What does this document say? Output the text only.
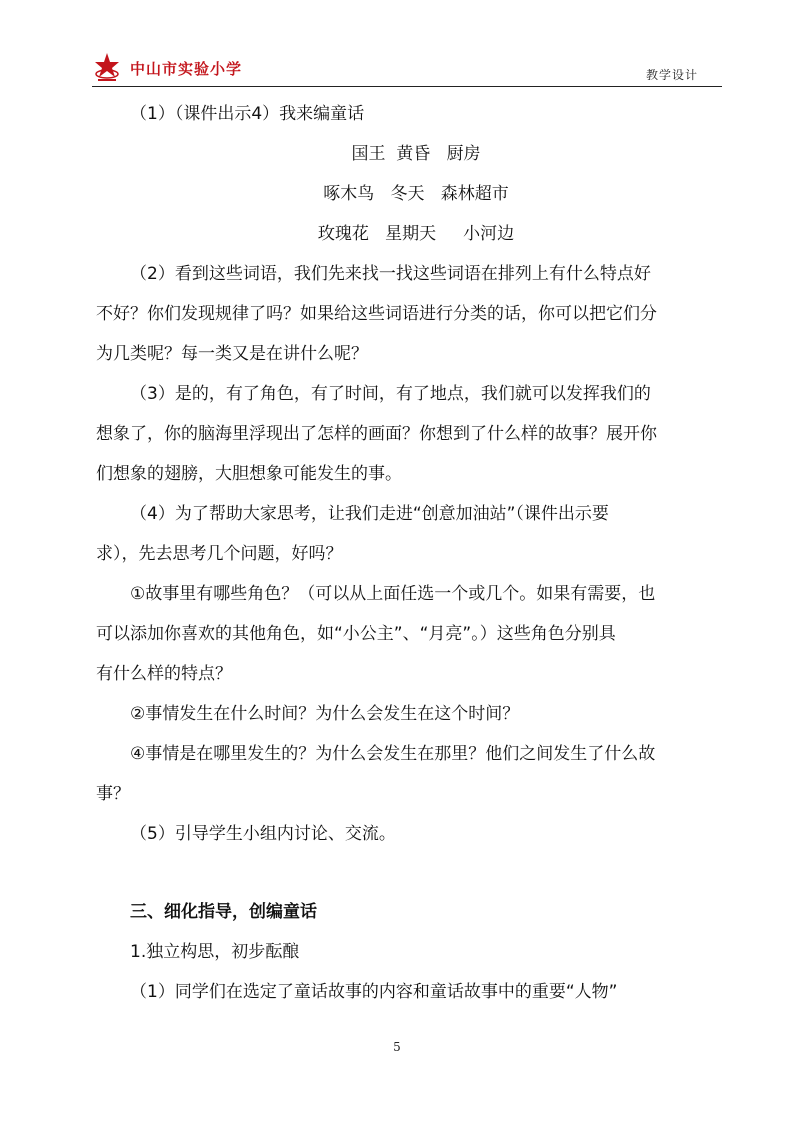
中山市实验小学	教学设计

（1）（课件出示4）我来编童话

国王  黄昏   厨房

啄木鸟   冬天   森林超市

玫瑰花   星期天     小河边

（2）看到这些词语，我们先来找一找这些词语在排列上有什么特点好

不好？你们发现规律了吗？如果给这些词语进行分类的话，你可以把它们分

为几类呢？每一类又是在讲什么呢？

（3）是的，有了角色，有了时间，有了地点，我们就可以发挥我们的

想象了，你的脑海里浮现出了怎样的画面？你想到了什么样的故事？展开你

们想象的翅膀，大胆想象可能发生的事。

（4）为了帮助大家思考，让我们走进“创意加油站”（课件出示要

求），先去思考几个问题，好吗？

①故事里有哪些角色？（可以从上面任选一个或几个。如果有需要，也

可以添加你喜欢的其他角色，如“小公主”、“月亮”。）这些角色分别具

有什么样的特点？

②事情发生在什么时间？为什么会发生在这个时间？

④事情是在哪里发生的？为什么会发生在那里？他们之间发生了什么故

事？

（5）引导学生小组内讨论、交流。

三、细化指导，创编童话

1.独立构思，初步酝酿

（1）同学们在选定了童话故事的内容和童话故事中的重要“人物”

5
